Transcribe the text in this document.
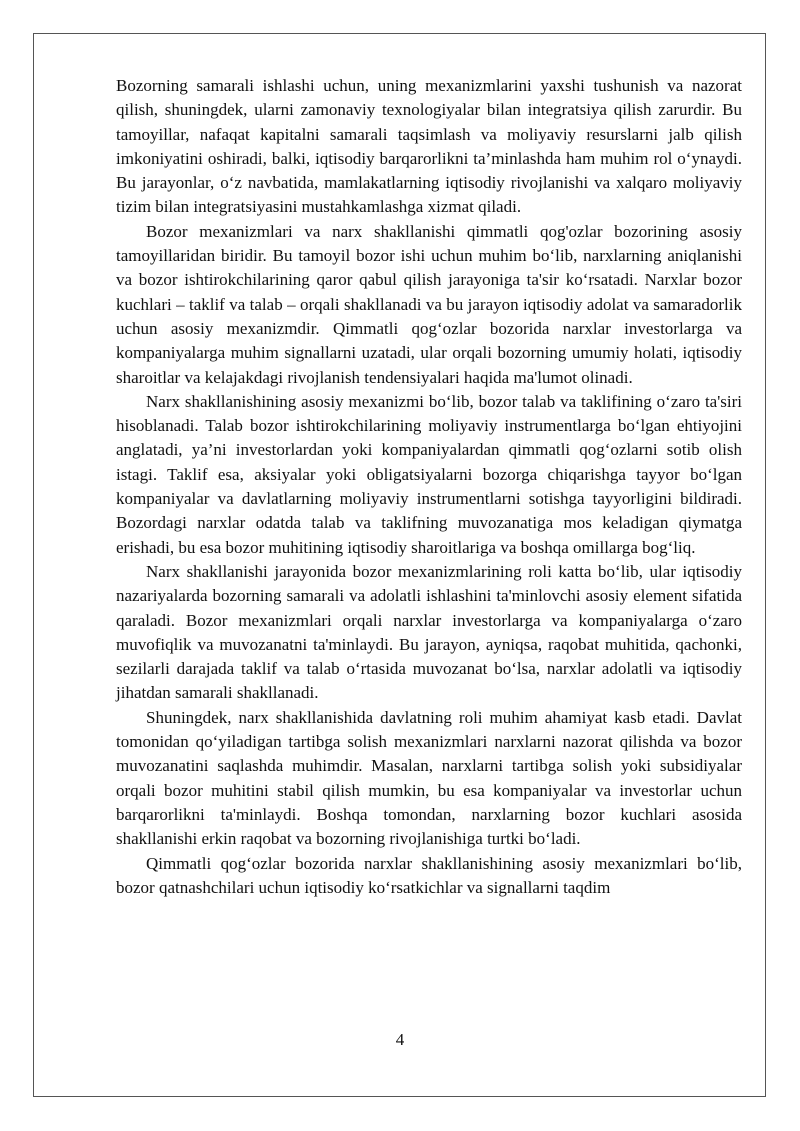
Bozorning samarali ishlashi uchun, uning mexanizmlarini yaxshi tushunish va nazorat qilish, shuningdek, ularni zamonaviy texnologiyalar bilan integratsiya qilish zarurdir. Bu tamoyillar, nafaqat kapitalni samarali taqsimlash va moliyaviy resurslarni jalb qilish imkoniyatini oshiradi, balki, iqtisodiy barqarorlikni ta’minlashda ham muhim rol o‘ynaydi. Bu jarayonlar, o‘z navbatida, mamlakatlarning iqtisodiy rivojlanishi va xalqaro moliyaviy tizim bilan integratsiyasini mustahkamlashga xizmat qiladi.

Bozor mexanizmlari va narx shakllanishi qimmatli qog'ozlar bozorining asosiy tamoyillaridan biridir. Bu tamoyil bozor ishi uchun muhim bo‘lib, narxlarning aniqlanishi va bozor ishtirokchilarining qaror qabul qilish jarayoniga ta'sir ko‘rsatadi. Narxlar bozor kuchlari – taklif va talab – orqali shakllanadi va bu jarayon iqtisodiy adolat va samaradorlik uchun asosiy mexanizmdir. Qimmatli qog‘ozlar bozorida narxlar investorlarga va kompaniyalarga muhim signallarni uzatadi, ular orqali bozorning umumiy holati, iqtisodiy sharoitlar va kelajakdagi rivojlanish tendensiyalari haqida ma'lumot olinadi.

Narx shakllanishining asosiy mexanizmi bo‘lib, bozor talab va taklifining o‘zaro ta'siri hisoblanadi. Talab bozor ishtirokchilarining moliyaviy instrumentlarga bo‘lgan ehtiyojini anglatadi, ya’ni investorlardan yoki kompaniyalardan qimmatli qog‘ozlarni sotib olish istagi. Taklif esa, aksiyalar yoki obligatsiyalarni bozorga chiqarishga tayyor bo‘lgan kompaniyalar va davlatlarning moliyaviy instrumentlarni sotishga tayyorligini bildiradi. Bozordagi narxlar odatda talab va taklifning muvozanatiga mos keladigan qiymatga erishadi, bu esa bozor muhitining iqtisodiy sharoitlariga va boshqa omillarga bog‘liq.

Narx shakllanishi jarayonida bozor mexanizmlarining roli katta bo‘lib, ular iqtisodiy nazariyalarda bozorning samarali va adolatli ishlashini ta'minlovchi asosiy element sifatida qaraladi. Bozor mexanizmlari orqali narxlar investorlarga va kompaniyalarga o‘zaro muvofiqlik va muvozanatni ta'minlaydi. Bu jarayon, ayniqsa, raqobat muhitida, qachonki, sezilarli darajada taklif va talab o‘rtasida muvozanat bo‘lsa, narxlar adolatli va iqtisodiy jihatdan samarali shakllanadi.

Shuningdek, narx shakllanishida davlatning roli muhim ahamiyat kasb etadi. Davlat tomonidan qo‘yiladigan tartibga solish mexanizmlari narxlarni nazorat qilishda va bozor muvozanatini saqlashda muhimdir. Masalan, narxlarni tartibga solish yoki subsidiyalar orqali bozor muhitini stabil qilish mumkin, bu esa kompaniyalar va investorlar uchun barqarorlikni ta'minlaydi. Boshqa tomondan, narxlarning bozor kuchlari asosida shakllanishi erkin raqobat va bozorning rivojlanishiga turtki bo‘ladi.

Qimmatli qog‘ozlar bozorida narxlar shakllanishining asosiy mexanizmlari bo‘lib, bozor qatnashchilari uchun iqtisodiy ko‘rsatkichlar va signallarni taqdim

4
